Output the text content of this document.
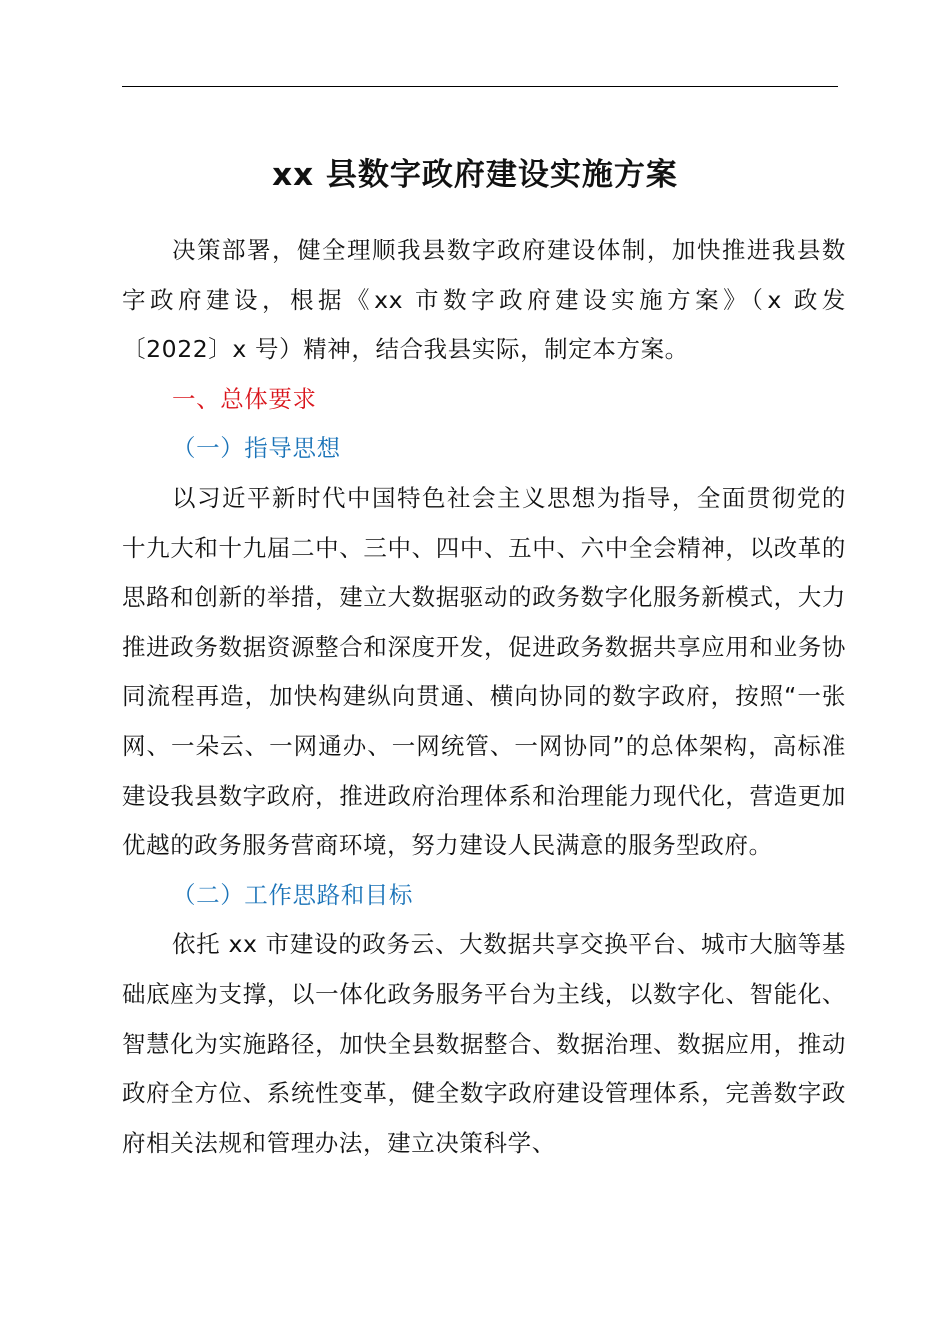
xx 县数字政府建设实施方案

决策部署，健全理顺我县数字政府建设体制，加快推进我县数字政府建设，根据《xx 市数字政府建设实施方案》（x 政发〔2022〕x 号）精神，结合我县实际，制定本方案。

一、总体要求

（一）指导思想

以习近平新时代中国特色社会主义思想为指导，全面贯彻党的十九大和十九届二中、三中、四中、五中、六中全会精神，以改革的思路和创新的举措，建立大数据驱动的政务数字化服务新模式，大力推进政务数据资源整合和深度开发，促进政务数据共享应用和业务协同流程再造，加快构建纵向贯通、横向协同的数字政府，按照“一张网、一朵云、一网通办、一网统管、一网协同”的总体架构，高标准建设我县数字政府，推进政府治理体系和治理能力现代化，营造更加优越的政务服务营商环境，努力建设人民满意的服务型政府。

（二）工作思路和目标

依托 xx 市建设的政务云、大数据共享交换平台、城市大脑等基础底座为支撑，以一体化政务服务平台为主线，以数字化、智能化、智慧化为实施路径，加快全县数据整合、数据治理、数据应用，推动政府全方位、系统性变革，健全数字政府建设管理体系，完善数字政府相关法规和管理办法，建立决策科学、
